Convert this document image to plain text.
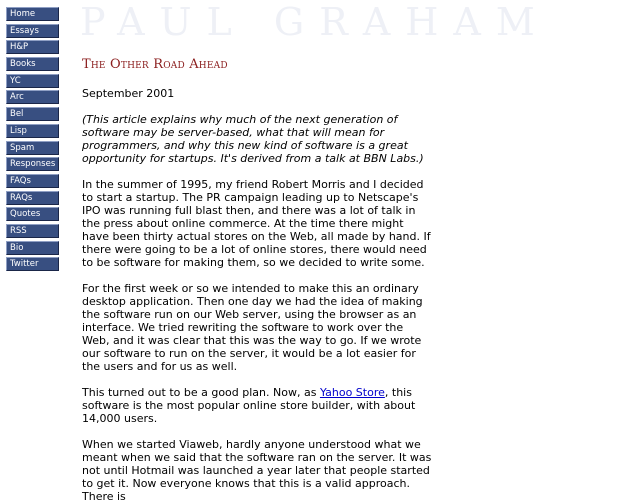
Home
Essays
H&P
Books
YC
Arc
Bel
Lisp
Spam
Responses
FAQs
RAQs
Quotes
RSS
Bio
Twitter
PAUL GRAHAM
The Other Road Ahead

September 2001

(This article explains why much of the next generation of software may be server-based, what that will mean for programmers, and why this new kind of software is a great opportunity for startups. It's derived from a talk at BBN Labs.)

In the summer of 1995, my friend Robert Morris and I decided to start a startup. The PR campaign leading up to Netscape's IPO was running full blast then, and there was a lot of talk in the press about online commerce. At the time there might have been thirty actual stores on the Web, all made by hand. If there were going to be a lot of online stores, there would need to be software for making them, so we decided to write some.

For the first week or so we intended to make this an ordinary desktop application. Then one day we had the idea of making the software run on our Web server, using the browser as an interface. We tried rewriting the software to work over the Web, and it was clear that this was the way to go. If we wrote our software to run on the server, it would be a lot easier for the users and for us as well.

This turned out to be a good plan. Now, as Yahoo Store, this software is the most popular online store builder, with about 14,000 users.

When we started Viaweb, hardly anyone understood what we meant when we said that the software ran on the server. It was not until Hotmail was launched a year later that people started to get it. Now everyone knows that this is a valid approach. There is
